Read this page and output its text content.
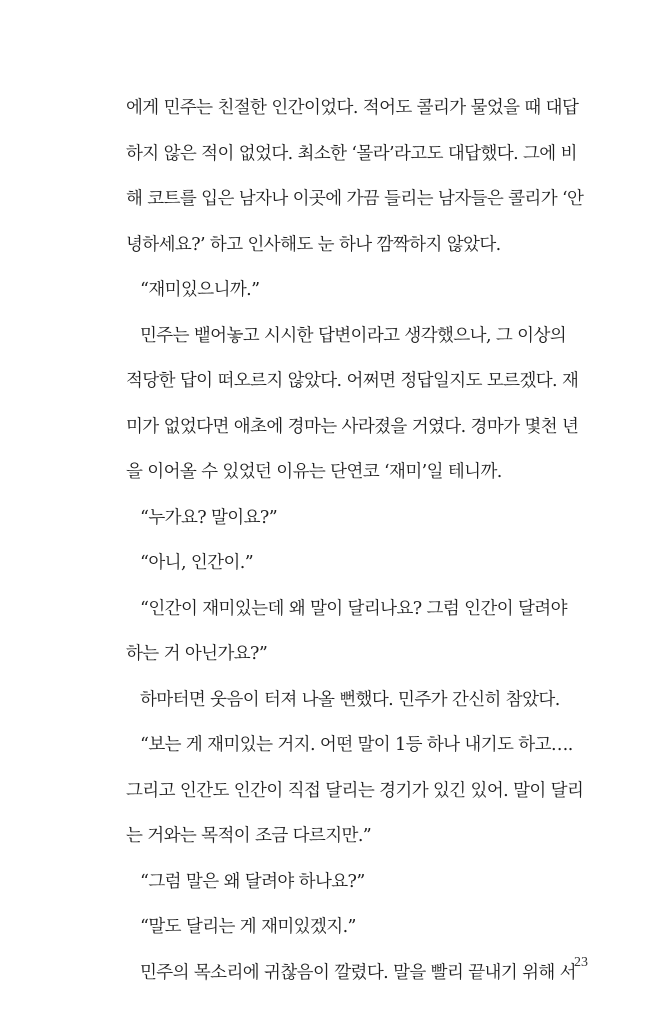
에게 민주는 친절한 인간이었다. 적어도 콜리가 물었을 때 대답
하지 않은 적이 없었다. 최소한 ‘몰라’라고도 대답했다. 그에 비
해 코트를 입은 남자나 이곳에 가끔 들리는 남자들은 콜리가 ‘안
녕하세요?’ 하고 인사해도 눈 하나 깜짝하지 않았다.
“재미있으니까.”
민주는 뱉어놓고 시시한 답변이라고 생각했으나, 그 이상의
적당한 답이 떠오르지 않았다. 어쩌면 정답일지도 모르겠다. 재
미가 없었다면 애초에 경마는 사라졌을 거였다. 경마가 몇천 년
을 이어올 수 있었던 이유는 단연코 ‘재미’일 테니까.
“누가요? 말이요?”
“아니, 인간이.”
“인간이 재미있는데 왜 말이 달리나요? 그럼 인간이 달려야
하는 거 아닌가요?”
하마터면 웃음이 터져 나올 뻔했다. 민주가 간신히 참았다.
“보는 게 재미있는 거지. 어떤 말이 1등 하나 내기도 하고….
그리고 인간도 인간이 직접 달리는 경기가 있긴 있어. 말이 달리
는 거와는 목적이 조금 다르지만.”
“그럼 말은 왜 달려야 하나요?”
“말도 달리는 게 재미있겠지.”
민주의 목소리에 귀찮음이 깔렸다. 말을 빨리 끝내기 위해 서
23
